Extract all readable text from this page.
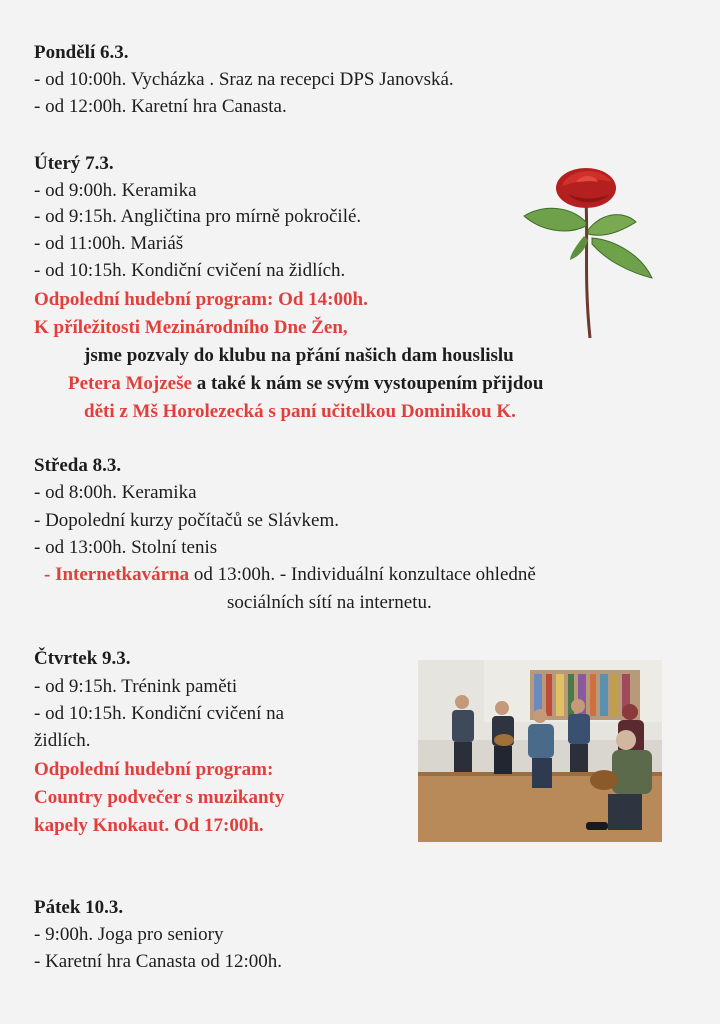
Pondělí 6.3.
- od 10:00h. Vycházka . Sraz na recepci DPS Janovská.
- od 12:00h. Karetní hra Canasta.
Úterý 7.3.
- od 9:00h. Keramika
- od 9:15h. Angličtina pro mírně pokročilé.
- od 11:00h. Mariáš
- od 10:15h. Kondiční cvičení na židlích.
Odpolední hudební program: Od 14:00h.
K příležitosti Mezinárodního Dne Žen,
jsme pozvaly do klubu na přání našich dam houslislu
Petera Mojzeše a také k nám se svým vystoupením přijdou
děti z Mš Horolezecká s paní učitelkou Dominikou K.
Středa 8.3.
- od 8:00h. Keramika
- Dopolední kurzy počítačů se Slávkem.
- od 13:00h. Stolní tenis
- Internetkavárna od 13:00h. - Individuální konzultace ohledně
sociálních sítí na internetu.
Čtvrtek 9.3.
- od 9:15h. Trénink paměti
- od 10:15h. Kondiční cvičení na
židlích.
Odpolední hudební program:
Country podvečer s muzikanty
kapely Knokaut. Od 17:00h.
Pátek 10.3.
- 9:00h. Joga pro seniory
- Karetní hra Canasta od 12:00h.
